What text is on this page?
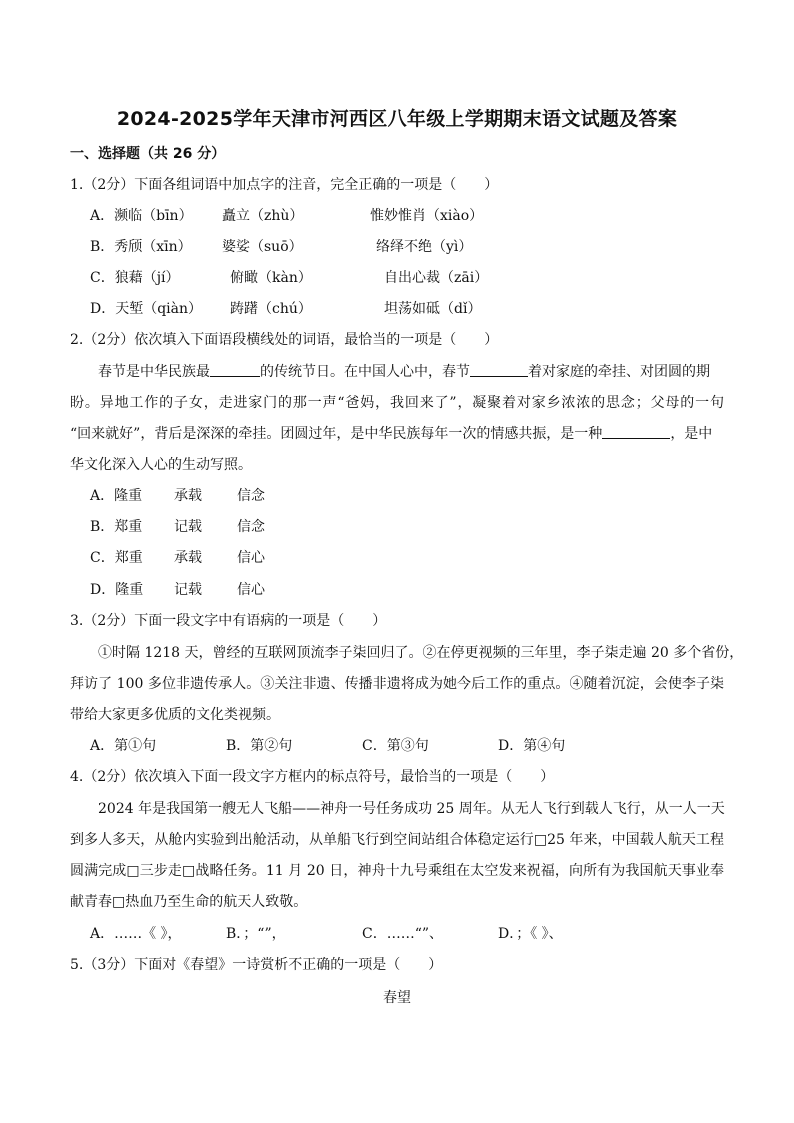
2024-2025学年天津市河西区八年级上学期期末语文试题及答案
一、选择题（共 26 分）
1.（2分）下面各组词语中加点字的注音，完全正确的一项是（　　）
A．濒临（bīn） 矗立（zhù）	惟妙惟肖（xiào）
B．秀颀（xīn） 婆娑（suō）	络绎不绝（yì）
C．狼藉（jí）	俯瞰（kàn）	自出心裁（zāi）
D．天堑（qiàn） 踌躇（chú）	坦荡如砥（dǐ）
2.（2分）依次填入下面语段横线处的词语，最恰当的一项是（　　）
春节是中华民族最	的传统节日。在中国人心中，春节	着对家庭的牵挂、对团圆的期
盼。异地工作的子女，走进家门的那一声“爸妈，我回来了”，凝聚着对家乡浓浓的思念；父母的一句
“回来就好”，背后是深深的牵挂。团圆过年，是中华民族每年一次的情感共振，是一种	，是中
华文化深入人心的生动写照。
A．隆重 承载	信念
B．郑重 记载	信念
C．郑重 承载	信心
D．隆重 记载	信心
3.（2分）下面一段文字中有语病的一项是（　　）
①时隔 1218 天，曾经的互联网顶流李子柒回归了。②在停更视频的三年里，李子柒走遍 20 多个省份，
拜访了 100 多位非遗传承人。③关注非遗、传播非遗将成为她今后工作的重点。④随着沉淀，会使李子柒
带给大家更多优质的文化类视频。
A．第①句	B．第②句	C．第③句	D．第④句
4.（2分）依次填入下面一段文字方框内的标点符号，最恰当的一项是（　　）
2024 年是我国第一艘无人飞船——神舟一号任务成功 25 周年。从无人飞行到载人飞行，从一人一天
到多人多天，从舱内实验到出舱活动，从单船飞行到空间站组合体稳定运行□25 年来，中国载人航天工程
圆满完成□三步走□战略任务。11 月 20 日，神舟十九号乘组在太空发来祝福，向所有为我国航天事业奉
献青春□热血乃至生命的航天人致敬。
A．……《 》，	B．；“”，	C．……“”、	D．；《 》、
5.（3分）下面对《春望》一诗赏析不正确的一项是（　　）
春望
